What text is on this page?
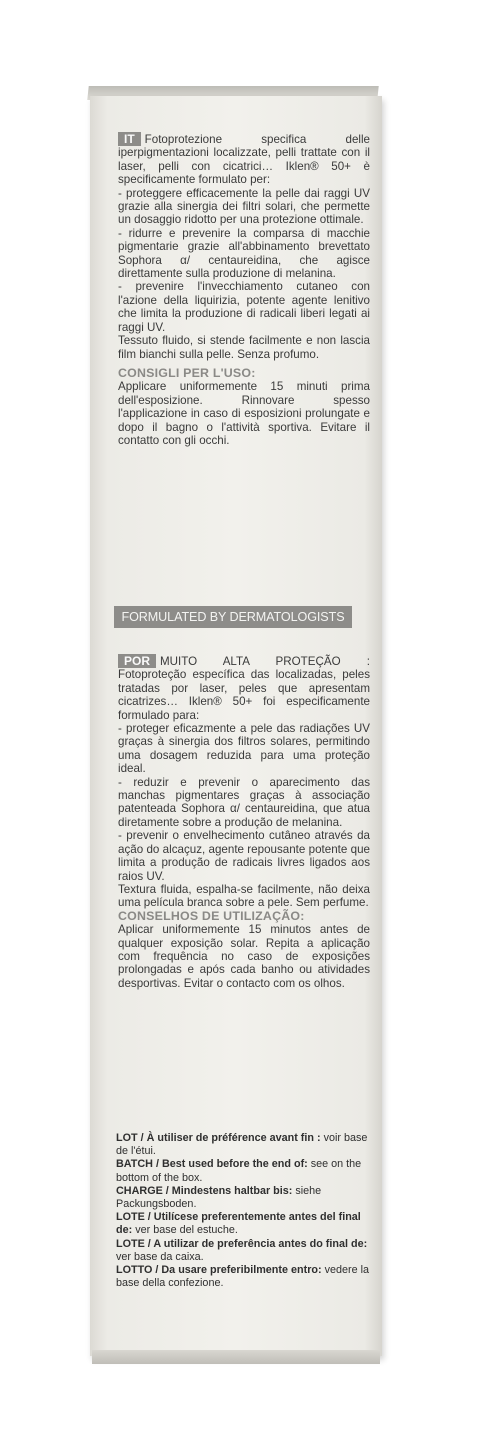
IT Fotoprotezione specifica delle iperpigmentazioni localizzate, pelli trattate con il laser, pelli con cicatrici… Iklen® 50+ è specificamente formulato per:

- proteggere efficacemente la pelle dai raggi UV grazie alla sinergia dei filtri solari, che permette un dosaggio ridotto per una protezione ottimale.

- ridurre e prevenire la comparsa di macchie pigmentarie grazie all'abbinamento brevettato Sophora α/ centaureidina, che agisce direttamente sulla produzione di melanina.

- prevenire l'invecchiamento cutaneo con l'azione della liquirizia, potente agente lenitivo che limita la produzione di radicali liberi legati ai raggi UV.

Tessuto fluido, si stende facilmente e non lascia film bianchi sulla pelle. Senza profumo.

CONSIGLI PER L'USO:

Applicare uniformemente 15 minuti prima dell'esposizione. Rinnovare spesso l'applicazione in caso di esposizioni prolungate e dopo il bagno o l'attività sportiva. Evitare il contatto con gli occhi.

FORMULATED BY DERMATOLOGISTS

POR MUITO ALTA PROTEÇÃO : Fotoproteção específica das localizadas, peles tratadas por laser, peles que apresentam cicatrizes… Iklen® 50+ foi especificamente formulado para:

- proteger eficazmente a pele das radiações UV graças à sinergia dos filtros solares, permitindo uma dosagem reduzida para uma proteção ideal.

- reduzir e prevenir o aparecimento das manchas pigmentares graças à associação patenteada Sophora α/ centaureidina, que atua diretamente sobre a produção de melanina.

- prevenir o envelhecimento cutâneo através da ação do alcaçuz, agente repousante potente que limita a produção de radicais livres ligados aos raios UV.

Textura fluida, espalha-se facilmente, não deixa uma película branca sobre a pele. Sem perfume.

CONSELHOS DE UTILIZAÇÃO:

Aplicar uniformemente 15 minutos antes de qualquer exposição solar. Repita a aplicação com frequência no caso de exposições prolongadas e após cada banho ou atividades desportivas. Evitar o contacto com os olhos.

LOT / À utiliser de préférence avant fin : voir base de l'étui.

BATCH / Best used before the end of: see on the bottom of the box.

CHARGE / Mindestens haltbar bis: siehe Packungsboden.

LOTE / Utilícese preferentemente antes del final de: ver base del estuche.

LOTE / A utilizar de preferência antes do final de: ver base da caixa.

LOTTO / Da usare preferibilmente entro: vedere la base della confezione.
